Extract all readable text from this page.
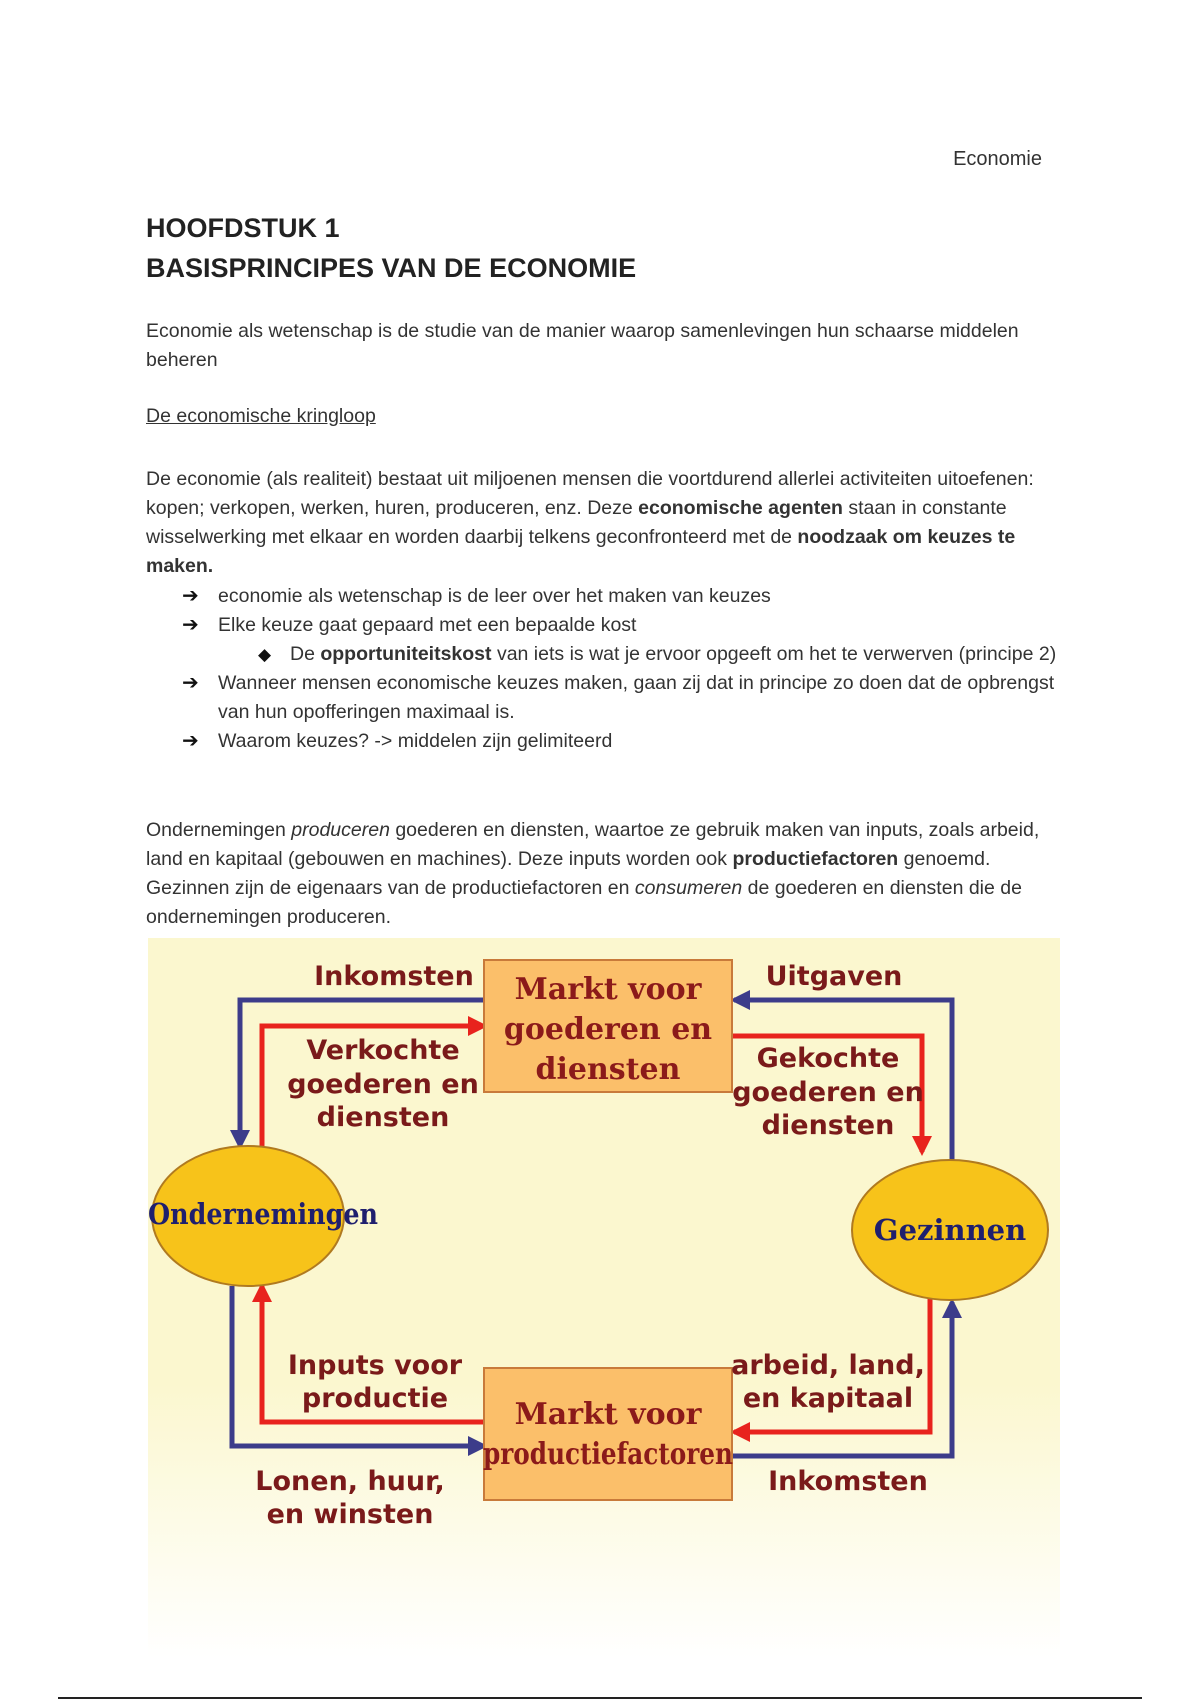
Economie
HOOFDSTUK 1
BASISPRINCIPES VAN DE ECONOMIE
Economie als wetenschap is de studie van de manier waarop samenlevingen hun schaarse middelen beheren
De economische kringloop
De economie (als realiteit) bestaat uit miljoenen mensen die voortdurend allerlei activiteiten uitoefenen: kopen; verkopen, werken, huren, produceren, enz. Deze economische agenten staan in constante wisselwerking met elkaar en worden daarbij telkens geconfronteerd met de noodzaak om keuzes te maken.
➔ economie als wetenschap is de leer over het maken van keuzes
➔ Elke keuze gaat gepaard met een bepaalde kost
◆ De opportuniteitskost van iets is wat je ervoor opgeeft om het te verwerven (principe 2)
➔ Wanneer mensen economische keuzes maken, gaan zij dat in principe zo doen dat de opbrengst van hun opofferingen maximaal is.
➔ Waarom keuzes? -> middelen zijn gelimiteerd
Ondernemingen produceren goederen en diensten, waartoe ze gebruik maken van inputs, zoals arbeid, land en kapitaal (gebouwen en machines). Deze inputs worden ook productiefactoren genoemd. Gezinnen zijn de eigenaars van de productiefactoren en consumeren de goederen en diensten die de ondernemingen produceren.
Markt voor
goederen en
diensten
Markt voor
productiefactoren
Ondernemingen	Gezinnen
Inkomsten	Uitgaven
Verkochte
goederen en
diensten
Gekochte
goederen en
diensten
Inputs voor
productie
arbeid, land,
en kapitaal
Lonen, huur,
en winsten
Inkomsten
